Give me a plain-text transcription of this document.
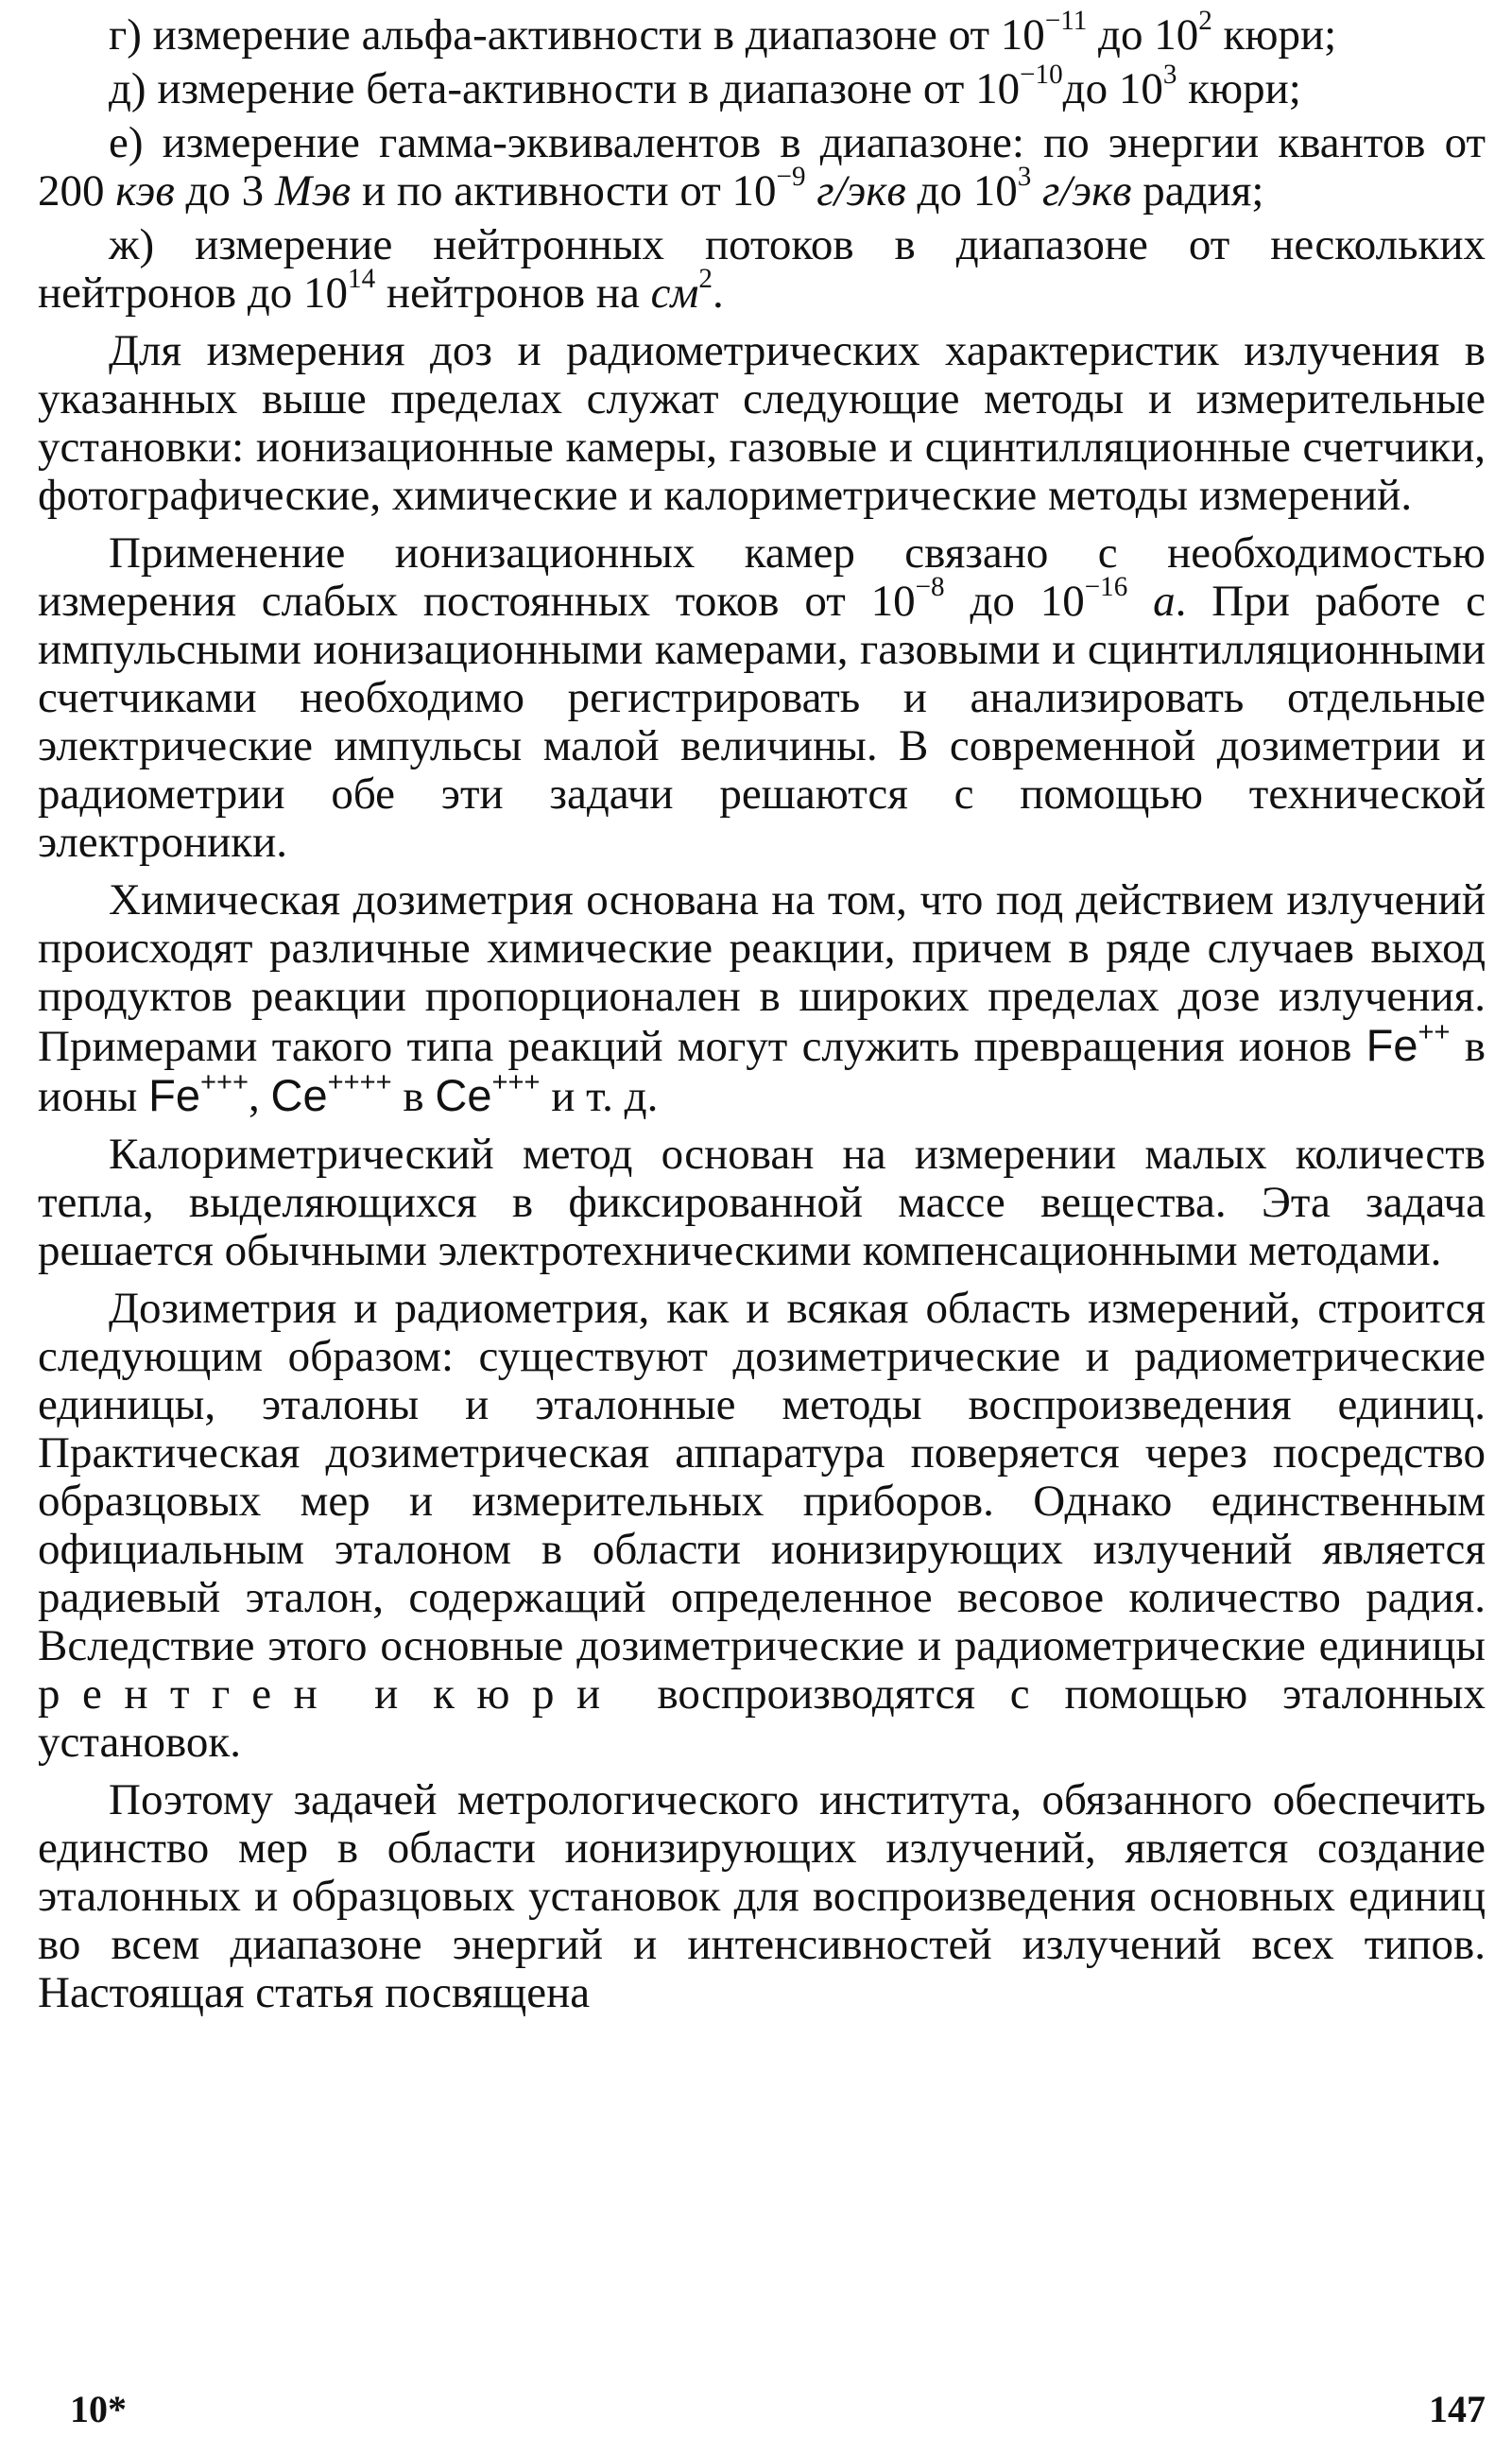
г) измерение альфа-активности в диапазоне от $10^{-11}$ до $10^2$ кюри;

д) измерение бета-активности в диапазоне от $10^{-10}до$ $10^3$ кюри;

е) измерение гамма-эквивалентов в диапазоне: по энергии квантов от 200 кэв до 3 Мэв и по активности от $10^{-9}$ г/экв до $10^3$ г/экв радия;

ж) измерение нейтронных потоков в диапазоне от нескольких нейтронов до $10^{14}$ нейтронов на $см^2$.

Для измерения доз и радиометрических характеристик излучения в указанных выше пределах служат следующие методы и измерительные установки: ионизационные камеры, газовые и сцинтилляционные счетчики, фотографические, химические и калориметрические методы измерений.

Применение ионизационных камер связано с необходимостью измерения слабых постоянных токов от $10^{-8}$ до $10^{-16}$ а. При работе с импульсными ионизационными камерами, газовыми и сцинтилляционными счетчиками необходимо регистрировать и анализировать отдельные электрические импульсы малой величины. В современной дозиметрии и радиометрии обе эти задачи решаются с помощью технической электроники.

Химическая дозиметрия основана на том, что под действием излучений происходят различные химические реакции, причем в ряде случаев выход продуктов реакции пропорционален в широких пределах дозе излучения. Примерами такого типа реакций могут служить превращения ионов Fe++ в ионы Fe+++, Ce++++ в Ce+++ и т. д.

Калориметрический метод основан на измерении малых количеств тепла, выделяющихся в фиксированной массе вещества. Эта задача решается обычными электротехническими компенсационными методами.

Дозиметрия и радиометрия, как и всякая область измерений, строится следующим образом: существуют дозиметрические и радиометрические единицы, эталоны и эталонные методы воспроизведения единиц. Практическая дозиметрическая аппаратура поверяется через посредство образцовых мер и измерительных приборов. Однако единственным официальным эталоном в области ионизирующих излучений является радиевый эталон, содержащий определенное весовое количество радия. Вследствие этого основные дозиметрические и радиометрические единицы рентген и кюри воспроизводятся с помощью эталонных установок.

Поэтому задачей метрологического института, обязанного обеспечить единство мер в области ионизирующих излучений, является создание эталонных и образцовых установок для воспроизведения основных единиц во всем диапазоне энергий и интенсивностей излучений всех типов. Настоящая статья посвящена

10*	147
